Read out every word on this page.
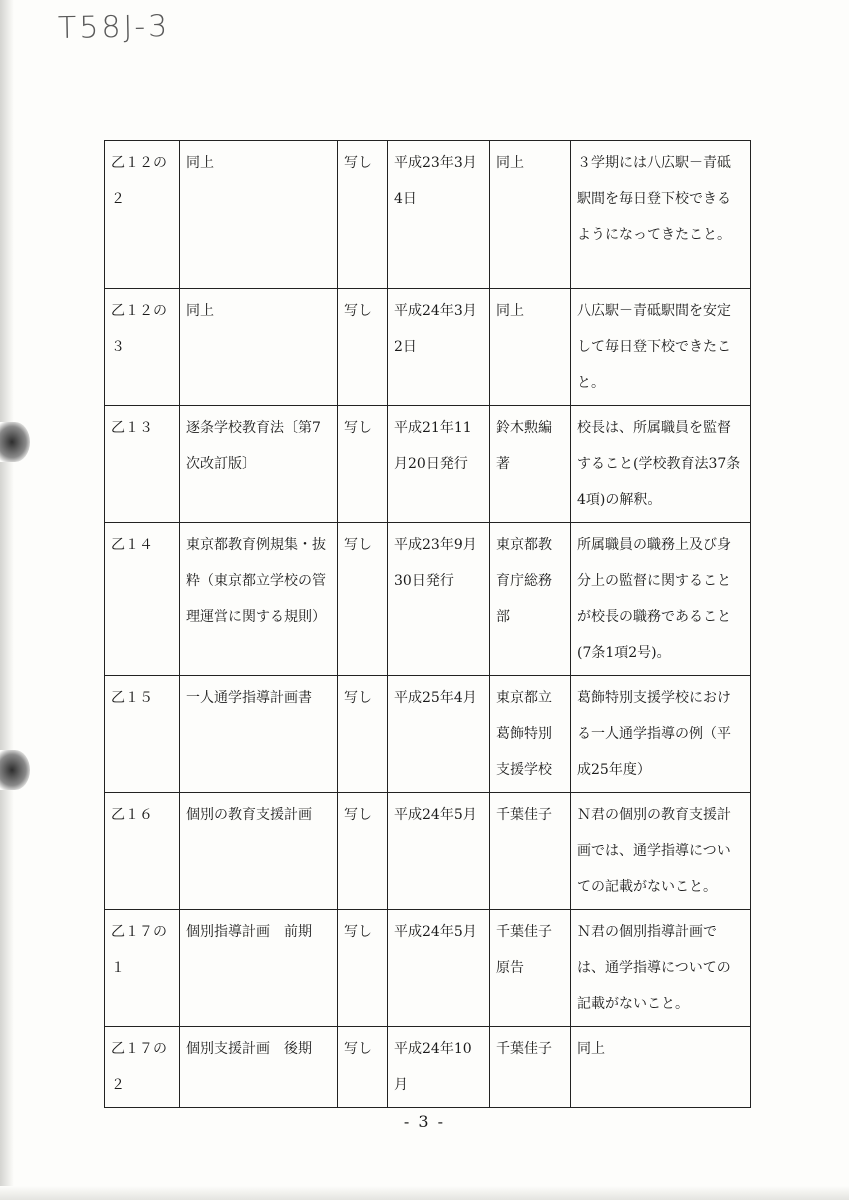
T58J-3
乙１２の２	同上	写し	平成23年3月4日	同上	３学期には八広駅－青砥駅間を毎日登下校できるようになってきたこと。
乙１２の３	同上	写し	平成24年3月2日	同上	八広駅－青砥駅間を安定して毎日登下校できたこと。
乙１３	逐条学校教育法〔第7次改訂版〕	写し	平成21年11月20日発行	鈴木勲編著	校長は、所属職員を監督すること(学校教育法37条4項)の解釈。
乙１４	東京都教育例規集・抜粋（東京都立学校の管理運営に関する規則）	写し	平成23年9月30日発行	東京都教育庁総務部	所属職員の職務上及び身分上の監督に関することが校長の職務であること(7条1項2号)。
乙１５	一人通学指導計画書	写し	平成25年4月	東京都立葛飾特別支援学校	葛飾特別支援学校における一人通学指導の例（平成25年度）
乙１６	個別の教育支援計画	写し	平成24年5月	千葉佳子	Ｎ君の個別の教育支援計画では、通学指導についての記載がないこと。
乙１７の１	個別指導計画　前期	写し	平成24年5月	千葉佳子原告	Ｎ君の個別指導計画では、通学指導についての記載がないこと。
乙１７の２	個別支援計画　後期	写し	平成24年10月	千葉佳子	同上
- 3 -
